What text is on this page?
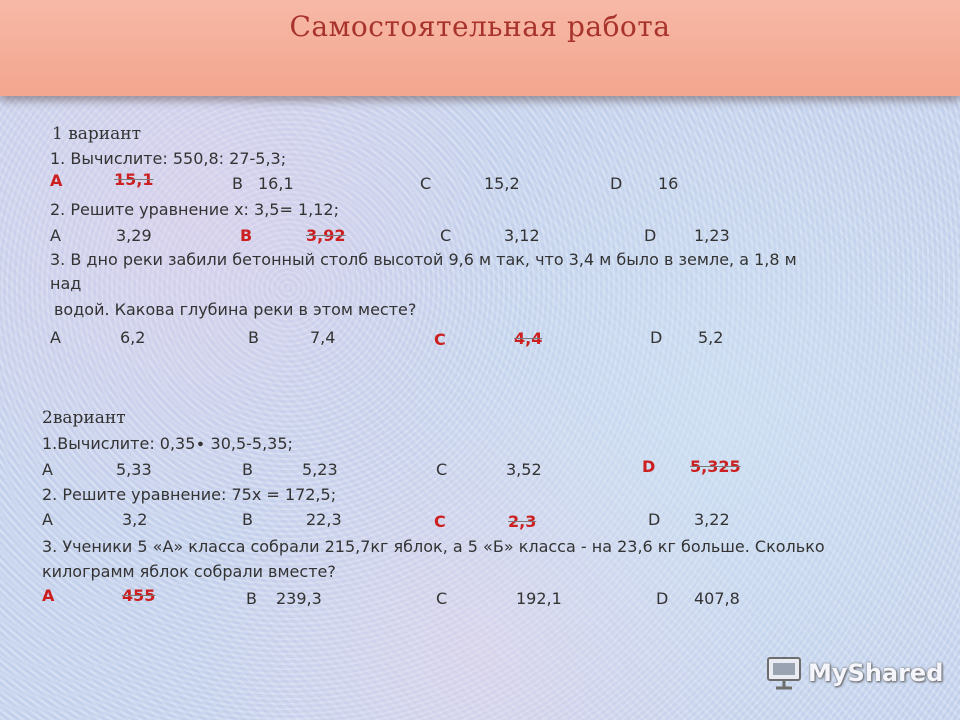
Самостоятельная работа
1 вариант
1. Вычислите: 550,8: 27-5,3;
A	15,1	B 16,1	C	15,2	D 16
2. Решите уравнение х: 3,5= 1,12;
A	3,29	B	3,92	C	3,12	D 1,23
3. В дно реки забили бетонный столб высотой 9,6 м так, что 3,4 м было в земле, а 1,8 м
над
водой. Какова глубина реки в этом месте?
A	6,2	B	7,4	C	4,4	D 5,2
2вариант
1.Вычислите: 0,35∙ 30,5-5,35;
A	5,33	B	5,23	C	3,52	D 5,325
2. Решите уравнение: 75х = 172,5;
A	3,2	B	22,3	C	2,3	D 3,22
3. Ученики 5 «А» класса собрали 215,7кг яблок, а 5 «Б» класса - на 23,6 кг больше. Сколько
килограмм яблок собрали вместе?
A	455	B 239,3	C	192,1	D 407,8
MyShared
